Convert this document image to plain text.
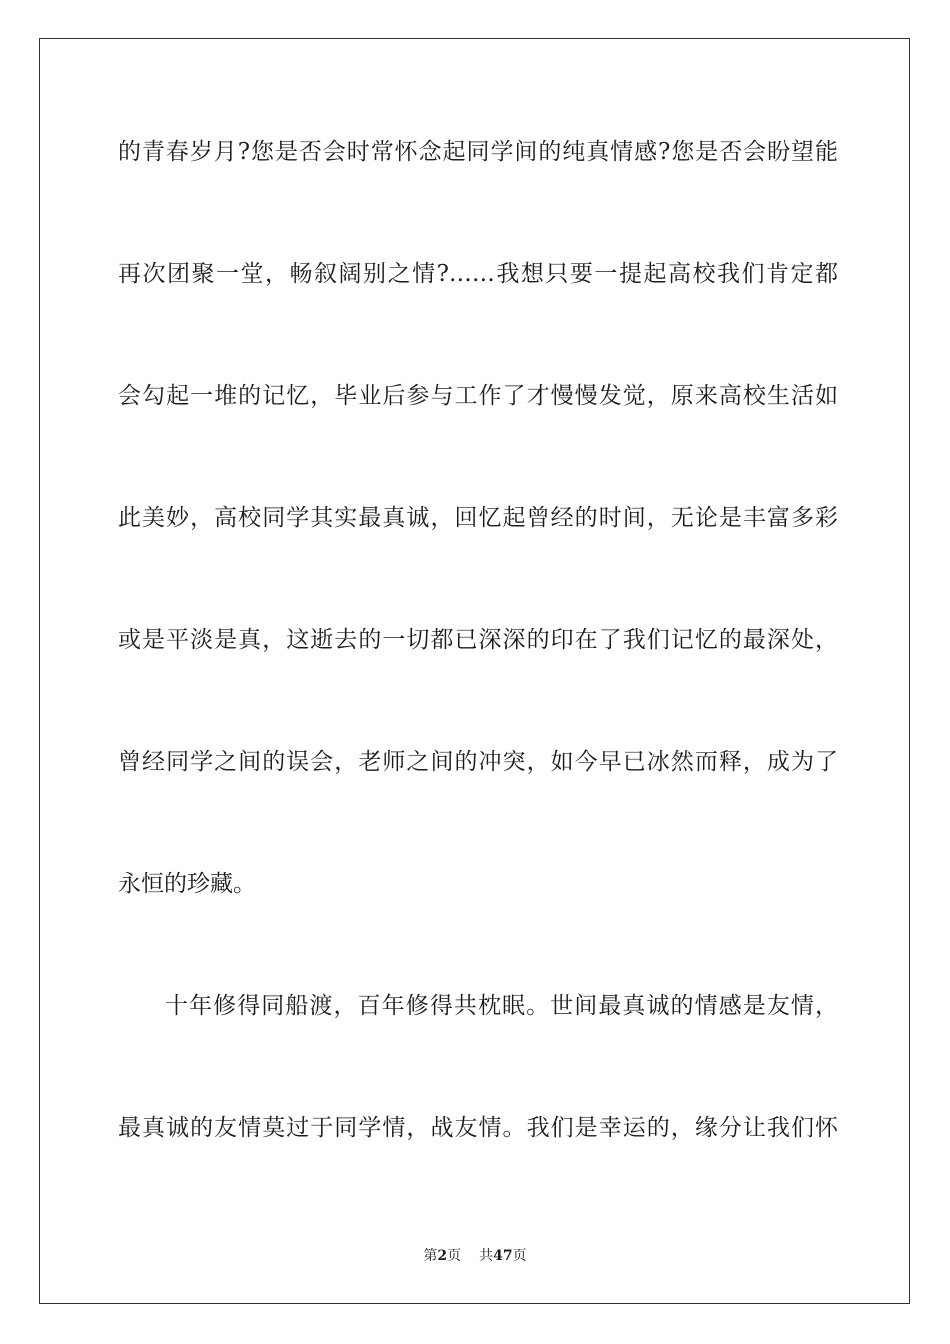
的青春岁月?您是否会时常怀念起同学间的纯真情感?您是否会盼望能
再次团聚一堂，畅叙阔别之情?……我想只要一提起高校我们肯定都
会勾起一堆的记忆，毕业后参与工作了才慢慢发觉，原来高校生活如
此美妙，高校同学其实最真诚，回忆起曾经的时间，无论是丰富多彩
或是平淡是真，这逝去的一切都已深深的印在了我们记忆的最深处，
曾经同学之间的误会，老师之间的冲突，如今早已冰然而释，成为了
永恒的珍藏。
十年修得同船渡，百年修得共枕眠。世间最真诚的情感是友情，
最真诚的友情莫过于同学情，战友情。我们是幸运的，缘分让我们怀
第2页 共47页
